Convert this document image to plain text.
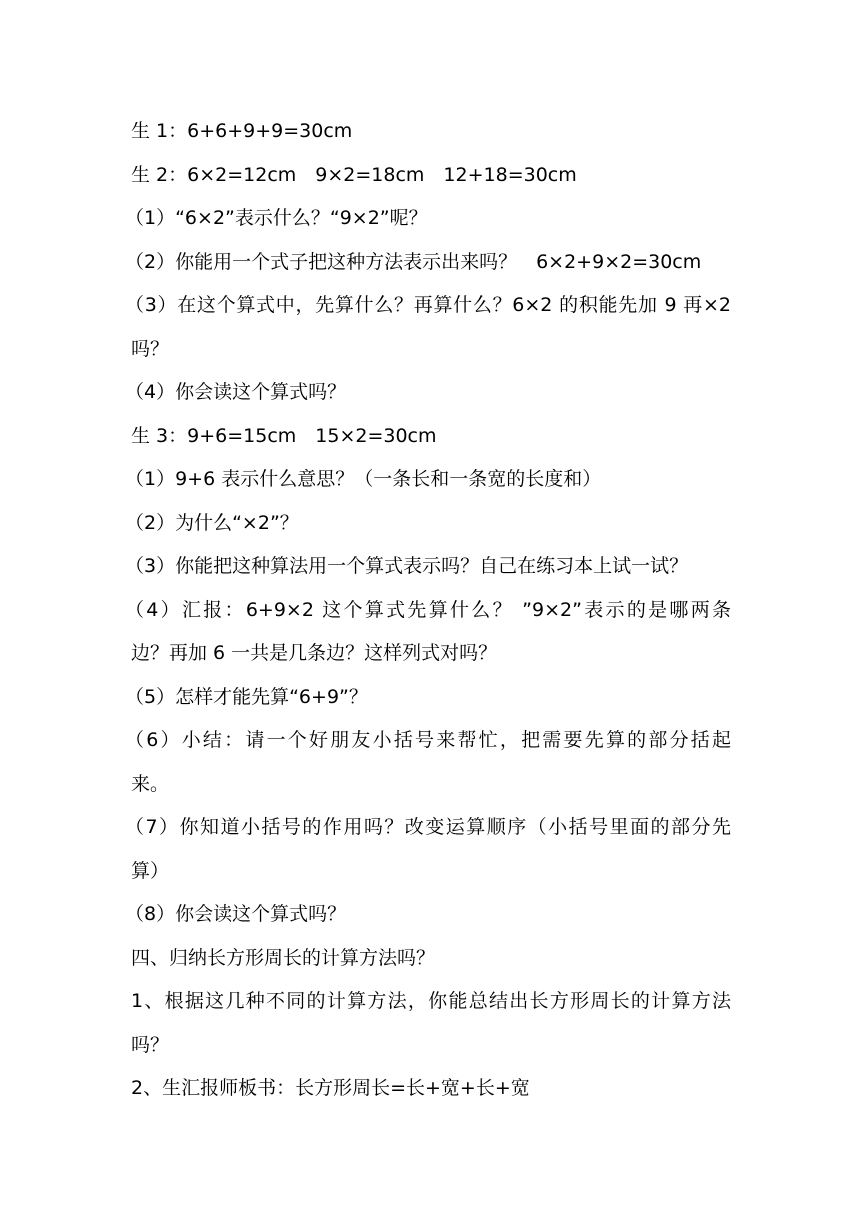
生 1：6+6+9+9=30cm
生 2：6×2=12cm　9×2=18cm　12+18=30cm
（1）“6×2”表示什么？“9×2”呢？
（2）你能用一个式子把这种方法表示出来吗？　6×2+9×2=30cm
（3）在这个算式中，先算什么？再算什么？6×2 的积能先加 9 再×2
吗？
（4）你会读这个算式吗？
生 3：9+6=15cm　15×2=30cm
（1）9+6 表示什么意思？（一条长和一条宽的长度和）
（2）为什么“×2”？
（3）你能把这种算法用一个算式表示吗？自己在练习本上试一试？
（4）汇报：6+9×2 这个算式先算什么？ ”9×2”表示的是哪两条
边？再加 6 一共是几条边？这样列式对吗？
（5）怎样才能先算“6+9”？
（6）小结：请一个好朋友小括号来帮忙，把需要先算的部分括起
来。
（7）你知道小括号的作用吗？改变运算顺序（小括号里面的部分先
算）
（8）你会读这个算式吗？
四、归纳长方形周长的计算方法吗？
1、根据这几种不同的计算方法，你能总结出长方形周长的计算方法
吗？
2、生汇报师板书：长方形周长=长+宽+长+宽
